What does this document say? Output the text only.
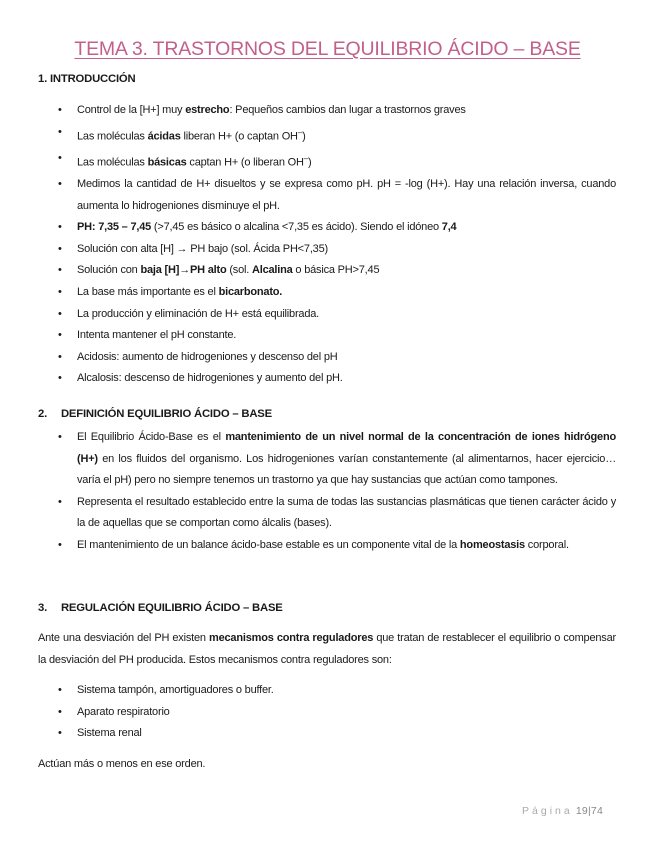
TEMA 3. TRASTORNOS DEL EQUILIBRIO ÁCIDO – BASE
1. INTRODUCCIÓN
• Control de la [H+] muy estrecho: Pequeños cambios dan lugar a trastornos graves
• Las moléculas ácidas liberan H+ (o captan OH–)
• Las moléculas básicas captan H+ (o liberan OH–)
• Medimos la cantidad de H+ disueltos y se expresa como pH. pH = -log (H+). Hay una relación inversa, cuando aumenta lo hidrogeniones disminuye el pH.
• PH: 7,35 – 7,45 (>7,45 es básico o alcalina <7,35 es ácido). Siendo el idóneo 7,4
• Solución con alta [H] → PH bajo (sol. Ácida PH<7,35)
• Solución con baja [H]→PH alto (sol. Alcalina o básica PH>7,45
• La base más importante es el bicarbonato.
• La producción y eliminación de H+ está equilibrada.
• Intenta mantener el pH constante.
• Acidosis: aumento de hidrogeniones y descenso del pH
• Alcalosis: descenso de hidrogeniones y aumento del pH.
2. DEFINICIÓN EQUILIBRIO ÁCIDO – BASE
• El Equilibrio Ácido-Base es el mantenimiento de un nivel normal de la concentración de iones hidrógeno (H+) en los fluidos del organismo. Los hidrogeniones varían constantemente (al alimentarnos, hacer ejercicio…varía el pH) pero no siempre tenemos un trastorno ya que hay sustancias que actúan como tampones.
• Representa el resultado establecido entre la suma de todas las sustancias plasmáticas que tienen carácter ácido y la de aquellas que se comportan como álcalis (bases).
• El mantenimiento de un balance ácido-base estable es un componente vital de la homeostasis corporal.
3. REGULACIÓN EQUILIBRIO ÁCIDO – BASE

Ante una desviación del PH existen mecanismos contra reguladores que tratan de restablecer el equilibrio o compensar la desviación del PH producida. Estos mecanismos contra reguladores son:

• Sistema tampón, amortiguadores o buffer.
• Aparato respiratorio
• Sistema renal

Actúan más o menos en ese orden.

Página 19|74
